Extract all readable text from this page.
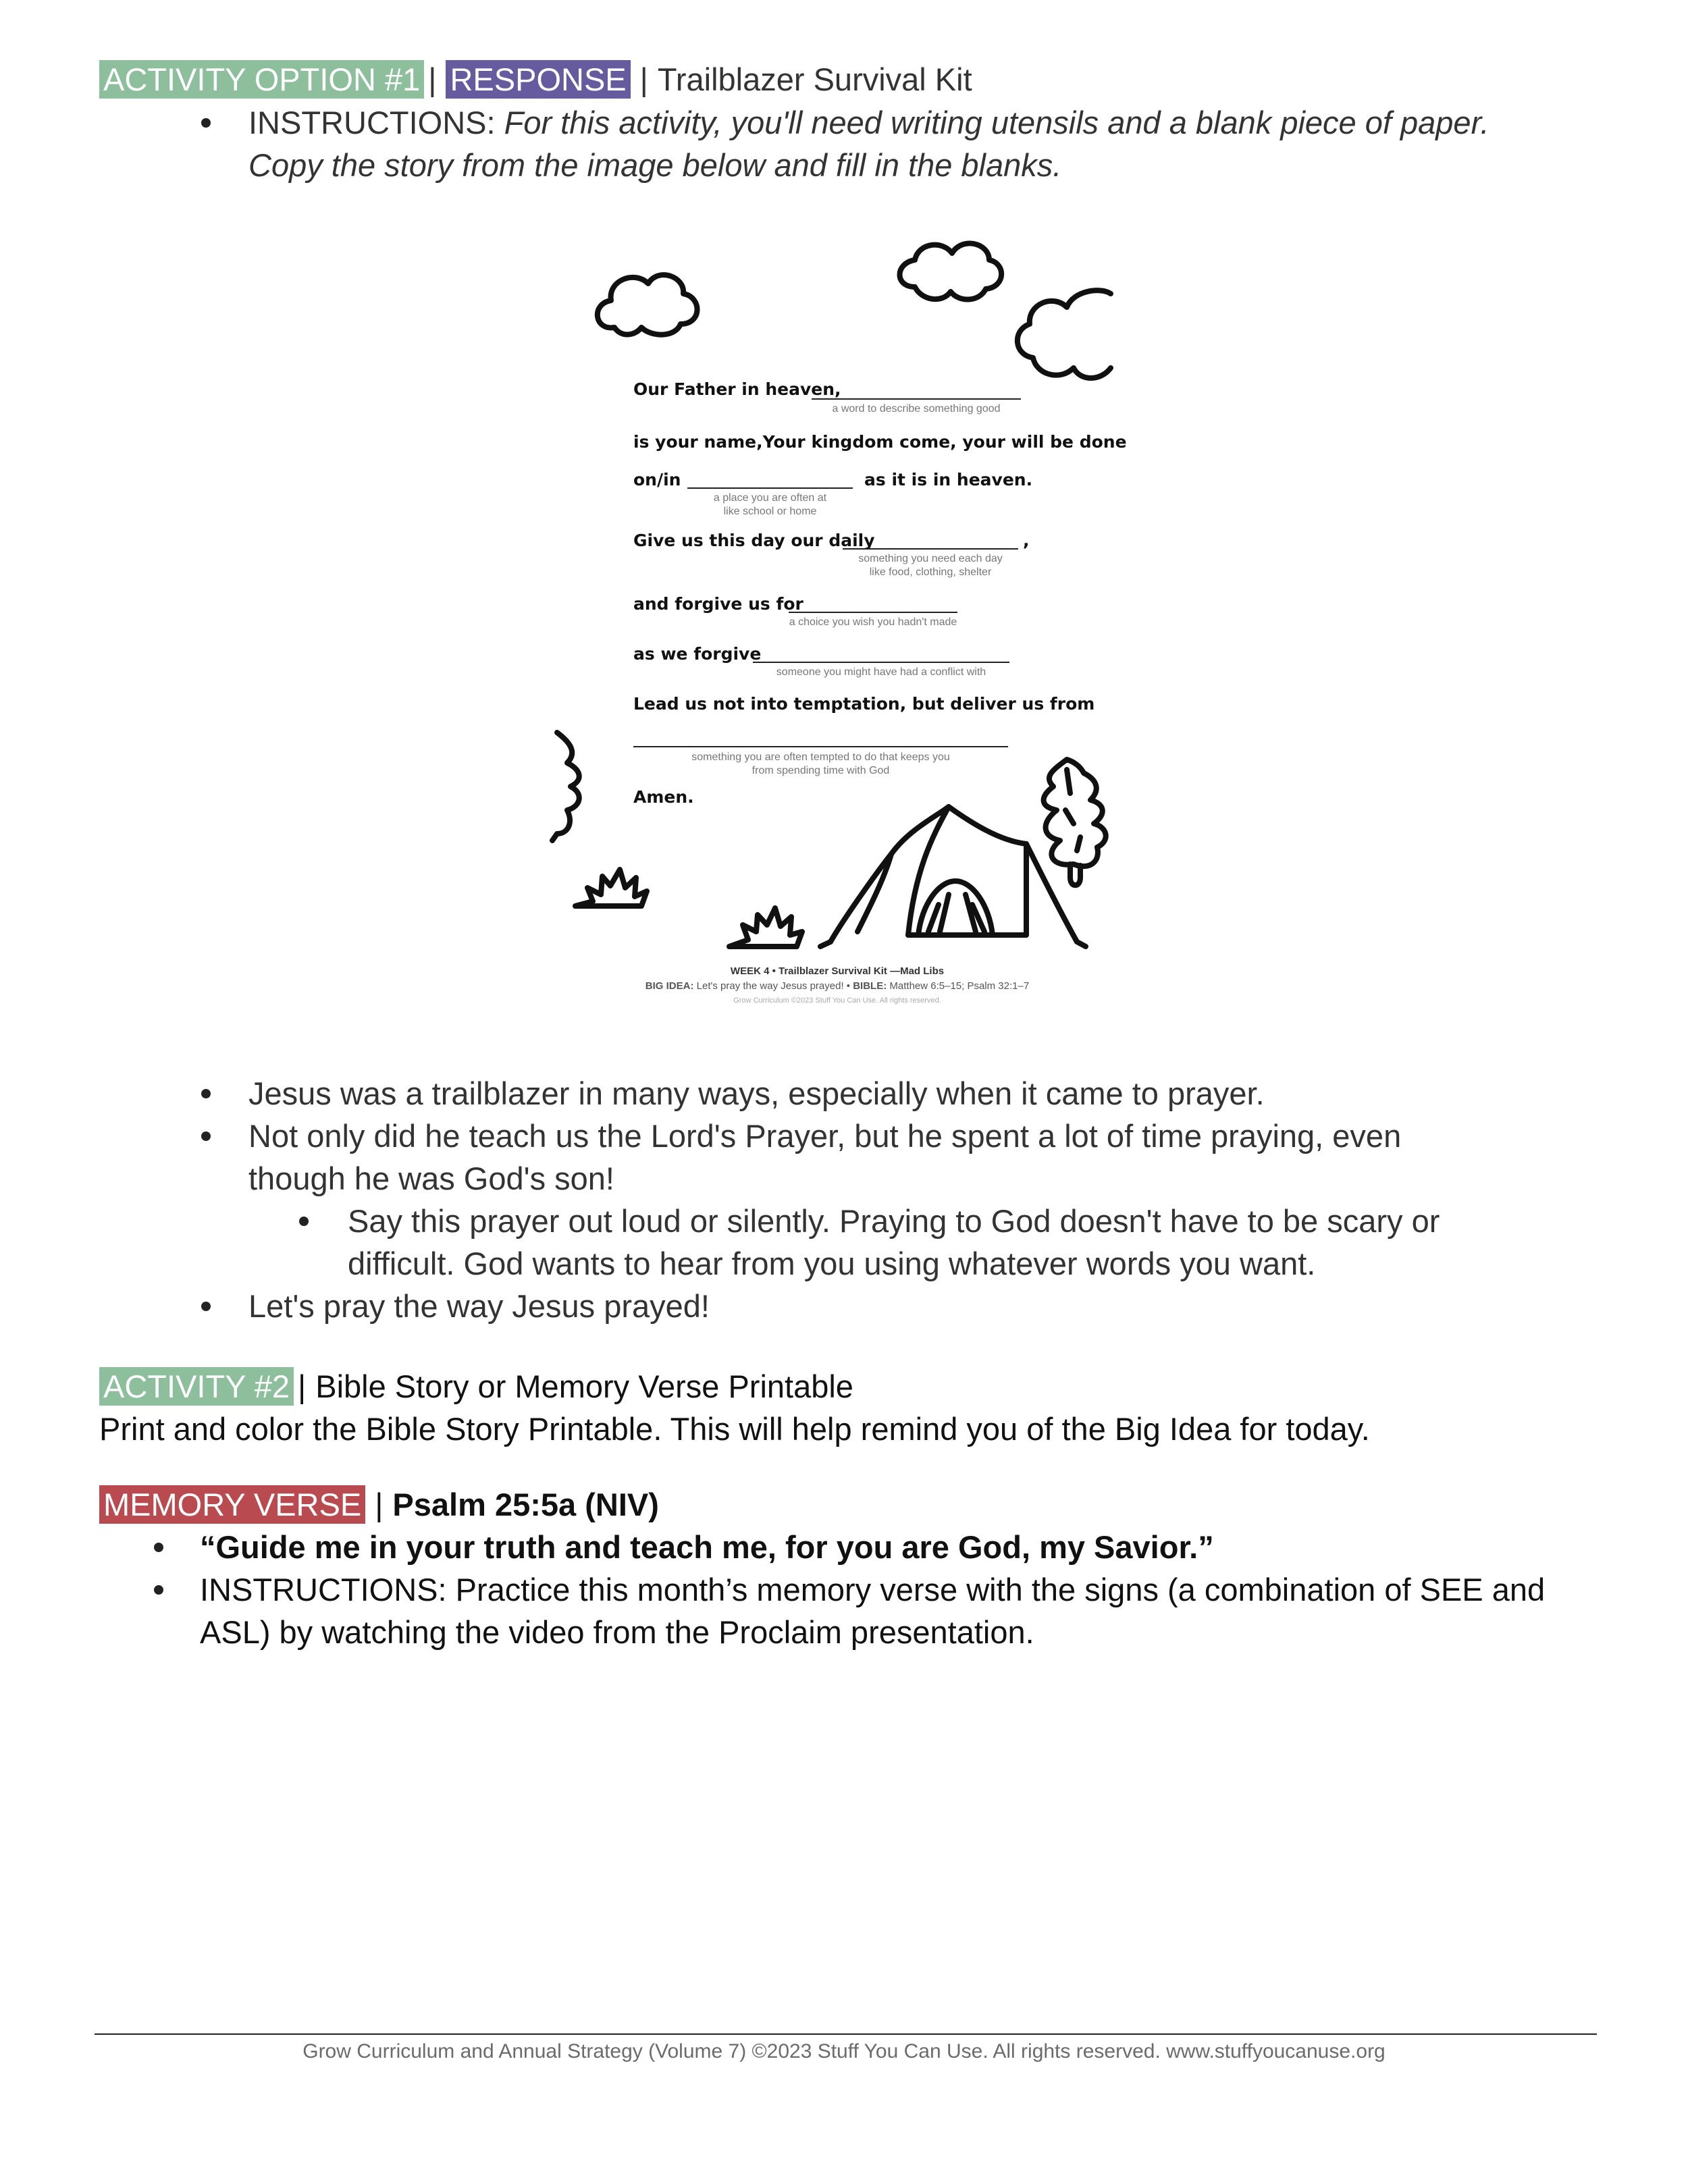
ACTIVITY OPTION #1 | RESPONSE | Trailblazer Survival Kit
INSTRUCTIONS: For this activity, you'll need writing utensils and a blank piece of paper.
Copy the story from the image below and fill in the blanks.
Our Father in heaven,
a word to describe something good
is your name,Your kingdom come, your will be done
on/in	as it is in heaven.
a place you are often at
like school or home
Give us this day our daily	,
something you need each day
like food, clothing, shelter
and forgive us for
a choice you wish you hadn't made
as we forgive
someone you might have had a conflict with
Lead us not into temptation, but deliver us from
something you are often tempted to do that keeps you
from spending time with God
Amen.
WEEK 4 • Trailblazer Survival Kit —Mad Libs
BIG IDEA: Let's pray the way Jesus prayed! • BIBLE: Matthew 6:5–15; Psalm 32:1–7
Grow Curriculum ©2023 Stuff You Can Use. All rights reserved.
Jesus was a trailblazer in many ways, especially when it came to prayer.
Not only did he teach us the Lord's Prayer, but he spent a lot of time praying, even
though he was God's son!
Say this prayer out loud or silently. Praying to God doesn't have to be scary or
difficult. God wants to hear from you using whatever words you want.
Let's pray the way Jesus prayed!
ACTIVITY #2 | Bible Story or Memory Verse Printable
Print and color the Bible Story Printable. This will help remind you of the Big Idea for today.
MEMORY VERSE | Psalm 25:5a (NIV)
“Guide me in your truth and teach me, for you are God, my Savior.”
INSTRUCTIONS: Practice this month’s memory verse with the signs (a combination of SEE and
ASL) by watching the video from the Proclaim presentation.
Grow Curriculum and Annual Strategy (Volume 7) ©2023 Stuff You Can Use. All rights reserved. www.stuffyoucanuse.org
